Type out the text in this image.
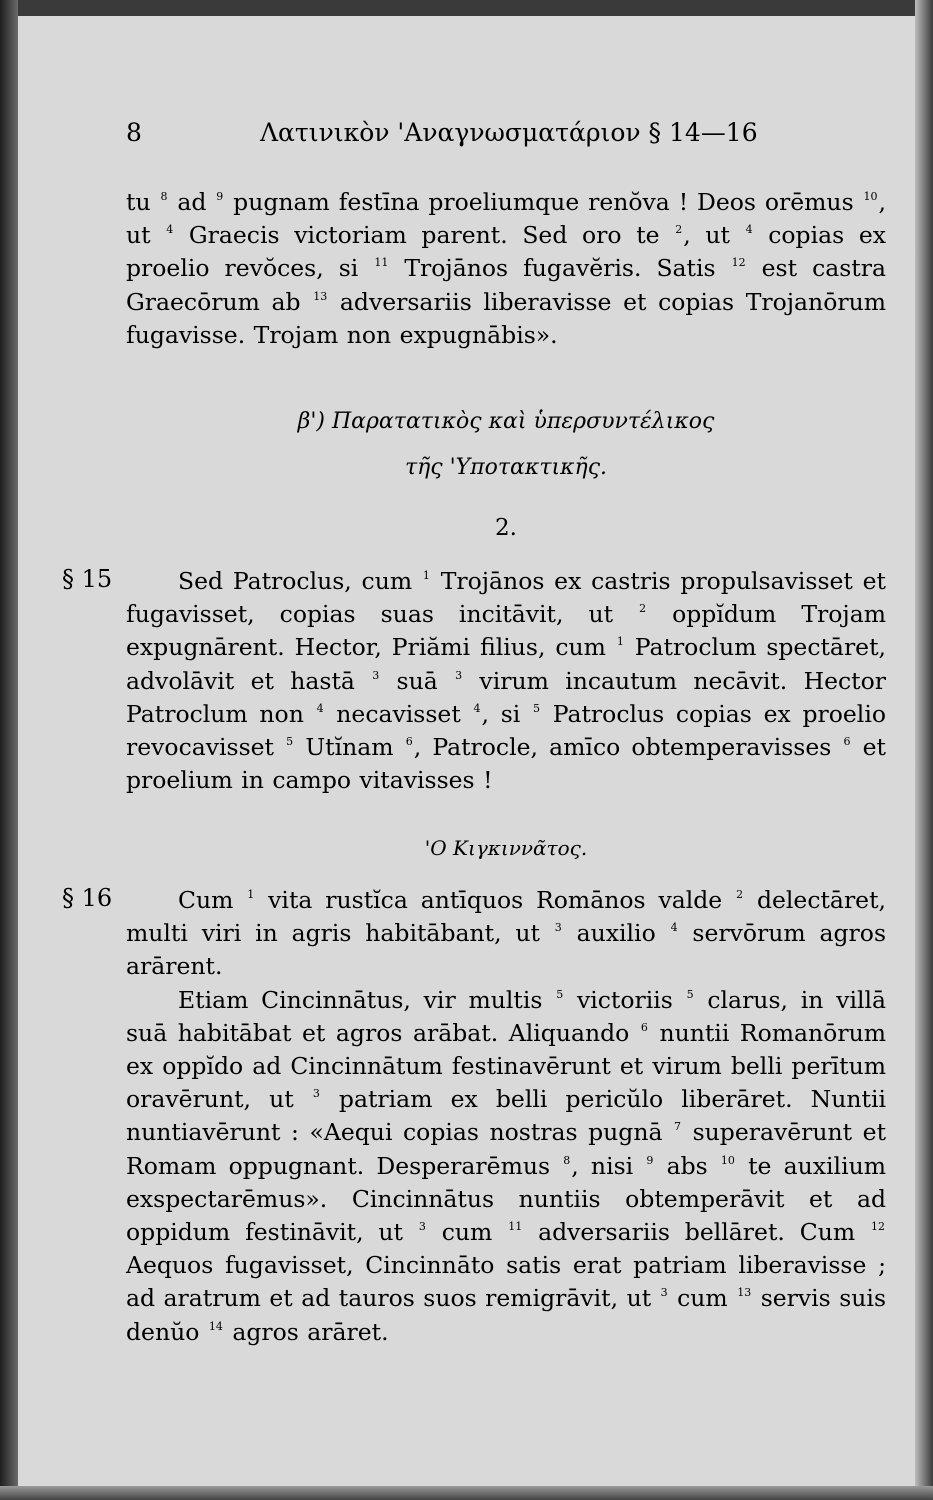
8	Λατινικὸν 'Αναγνωσματάριον § 14—16

tu $^8$ ad $^9$ pugnam festīna proeliumque renŏva ! Deos orēmus $^{10}$, ut $^4$ Graecis victoriam parent. Sed oro te $^2$, ut $^4$ copias ex proelio revŏces, si $^{11}$ Trojānos fugavĕris. Satis $^{12}$ est castra Graecōrum ab $^{13}$ adversariis liberavisse et copias Trojanōrum fugavisse. Trojam non expugnābis».

β') Παρατατικὸς καὶ ὑπερσυντέλικος
τῆς 'Υποτακτικῆς.
2.
§ 15	Sed Patroclus, cum $^1$ Trojānos ex castris propulsavisset et fugavisset, copias suas incitāvit, ut $^2$ oppĭdum Trojam expugnārent. Hector, Priămi filius, cum $^1$ Patroclum spectāret, advolāvit et hastā $^3$ suā $^3$ virum incautum necāvit. Hector Patroclum non $^4$ necavisset $^4$, si $^5$ Patroclus copias ex proelio revocavisset $^5$ Utĭnam $^6$, Patrocle, amīco obtemperavisses $^6$ et proelium in campo vitavisses !

'Ο Κιγκιννᾶτος.
§ 16	Cum $^1$ vita rustĭca antīquos Romānos valde $^2$ delectāret, multi viri in agris habitābant, ut $^3$ auxilio $^4$ servōrum agros arārent.

Etiam Cincinnātus, vir multis $^5$ victoriis $^5$ clarus, in villā suā habitābat et agros arābat. Aliquando $^6$ nuntii Romanōrum ex oppĭdo ad Cincinnātum festinavērunt et virum belli perītum oravērunt, ut $^3$ patriam ex belli pericŭlo liberāret. Nuntii nuntiavērunt : «Aequi copias nostras pugnā $^7$ superavērunt et Romam oppugnant. Desperarēmus $^8$, nisi $^9$ abs $^{10}$ te auxilium exspectarēmus». Cincinnātus nuntiis obtemperāvit et ad oppidum festināvit, ut $^3$ cum $^{11}$ adversariis bellāret. Cum $^{12}$ Aequos fugavisset, Cincinnāto satis erat patriam liberavisse ; ad aratrum et ad tauros suos remigrāvit, ut $^3$ cum $^{13}$ servis suis denŭo $^{14}$ agros arāret.
